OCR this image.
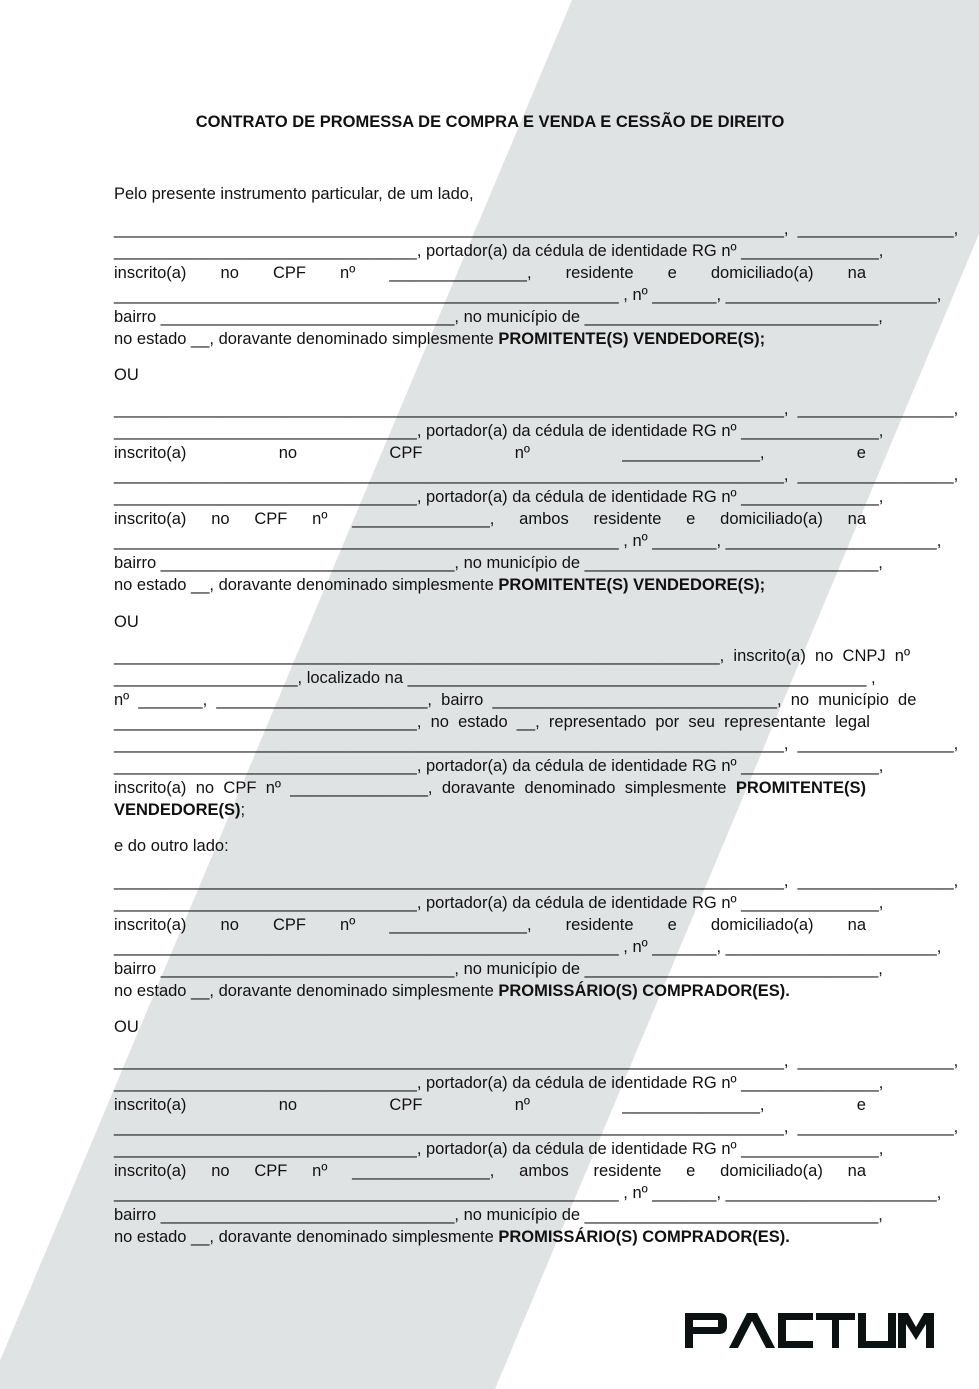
CONTRATO DE PROMESSA DE COMPRA E VENDA E CESSÃO DE DIREITO
Pelo presente instrumento particular, de um lado,
_________________________________________________________________________,  _________________,
_________________________________, portador(a) da cédula de identidade RG nº _______________,
inscrito(a)  no  CPF  nº  _______________,  residente  e  domiciliado(a)  na
_______________________________________________________ , nº _______, _______________________,
bairro ________________________________, no município de ________________________________,
no estado __, doravante denominado simplesmente PROMITENTE(S) VENDEDORE(S);
OU
_________________________________________________________________________,  _________________,
_________________________________, portador(a) da cédula de identidade RG nº _______________,
inscrito(a)  no  CPF  nº  _______________,  e
_________________________________________________________________________,  _________________,
_________________________________, portador(a) da cédula de identidade RG nº _______________,
inscrito(a)  no  CPF  nº  _______________,  ambos  residente  e  domiciliado(a)  na
_______________________________________________________ , nº _______, _______________________,
bairro ________________________________, no município de ________________________________,
no estado __, doravante denominado simplesmente PROMITENTE(S) VENDEDORE(S);
OU
__________________________________________________________________,  inscrito(a)  no  CNPJ  nº
____________________, localizado na __________________________________________________ ,
nº  _______,  _______________________,  bairro  _______________________________,  no  município  de
_________________________________,  no  estado  __,  representado  por  seu  representante  legal
_________________________________________________________________________,  _________________,
_________________________________, portador(a) da cédula de identidade RG nº _______________,
inscrito(a)  no  CPF  nº  _______________,  doravante  denominado  simplesmente  PROMITENTE(S)
VENDEDORE(S);
e do outro lado:
_________________________________________________________________________,  _________________,
_________________________________, portador(a) da cédula de identidade RG nº _______________,
inscrito(a)  no  CPF  nº  _______________,  residente  e  domiciliado(a)  na
_______________________________________________________ , nº _______, _______________________,
bairro ________________________________, no município de ________________________________,
no estado __, doravante denominado simplesmente PROMISSÁRIO(S) COMPRADOR(ES).
OU
_________________________________________________________________________,  _________________,
_________________________________, portador(a) da cédula de identidade RG nº _______________,
inscrito(a)  no  CPF  nº  _______________,  e
_________________________________________________________________________,  _________________,
_________________________________, portador(a) da cédula de identidade RG nº _______________,
inscrito(a)  no  CPF  nº  _______________,  ambos  residente  e  domiciliado(a)  na
_______________________________________________________ , nº _______, _______________________,
bairro ________________________________, no município de ________________________________,
no estado __, doravante denominado simplesmente PROMISSÁRIO(S) COMPRADOR(ES).
